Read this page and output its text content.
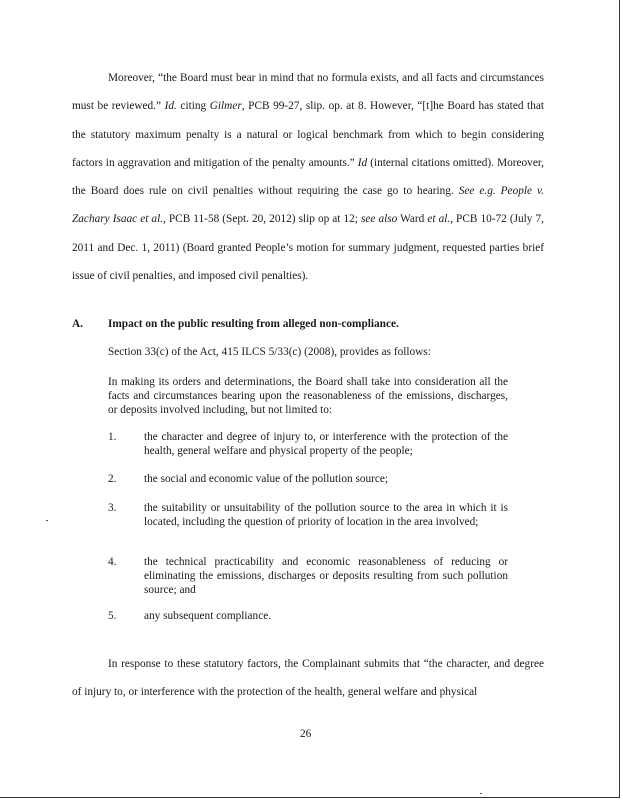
Moreover, “the Board must bear in mind that no formula exists, and all facts and circumstances must be reviewed.” Id. citing Gilmer, PCB 99-27, slip. op. at 8. However, “[t]he Board has stated that the statutory maximum penalty is a natural or logical benchmark from which to begin considering factors in aggravation and mitigation of the penalty amounts.” Id (internal citations omitted). Moreover, the Board does rule on civil penalties without requiring the case go to hearing. See e.g. People v. Zachary Isaac et al., PCB 11-58 (Sept. 20, 2012) slip op at 12; see also Ward et al., PCB 10-72 (July 7, 2011 and Dec. 1, 2011) (Board granted People’s motion for summary judgment, requested parties brief issue of civil penalties, and imposed civil penalties).

A. Impact on the public resulting from alleged non-compliance.
Section 33(c) of the Act, 415 ILCS 5/33(c) (2008), provides as follows:
In making its orders and determinations, the Board shall take into consideration all the facts and circumstances bearing upon the reasonableness of the emissions, discharges, or deposits involved including, but not limited to:
1.	the character and degree of injury to, or interference with the protection of the health, general welfare and physical property of the people;
2.	the social and economic value of the pollution source;
3.	the suitability or unsuitability of the pollution source to the area in which it is located, including the question of priority of location in the area involved;
4.	the technical practicability and economic reasonableness of reducing or eliminating the emissions, discharges or deposits resulting from such pollution source; and
5.	any subsequent compliance.

In response to these statutory factors, the Complainant submits that “the character, and degree of injury to, or interference with the protection of the health, general welfare and physical

26
